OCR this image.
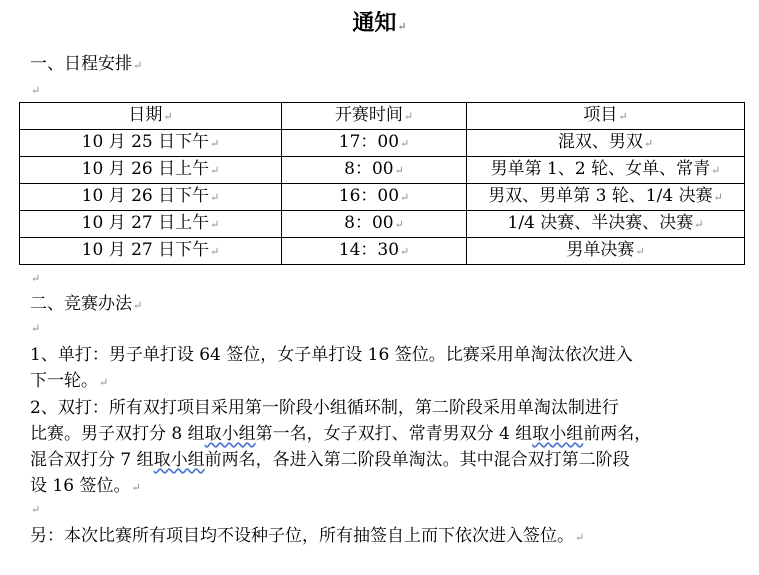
通知↵
一、日程安排↵
↵
日期↵	开赛时间↵	项目↵
10 月 25 日下午↵	17：00↵	混双、男双↵
10 月 26 日上午↵	8：00↵	男单第 1、2 轮、女单、常青↵
10 月 26 日下午↵	16：00↵	男双、男单第 3 轮、1/4 决赛↵
10 月 27 日上午↵	8：00↵	1/4 决赛、半决赛、决赛↵
10 月 27 日下午↵	14：30↵	男单决赛↵
↵
二、竞赛办法↵
↵
1、单打：男子单打设 64 签位，女子单打设 16 签位。比赛采用单淘汰依次进入
下一轮。↵
2、双打：所有双打项目采用第一阶段小组循环制，第二阶段采用单淘汰制进行
比赛。男子双打分 8 组取小组第一名，女子双打、常青男双分 4 组取小组前两名，
混合双打分 7 组取小组前两名，各进入第二阶段单淘汰。其中混合双打第二阶段
设 16 签位。↵
↵
另：本次比赛所有项目均不设种子位，所有抽签自上而下依次进入签位。↵
